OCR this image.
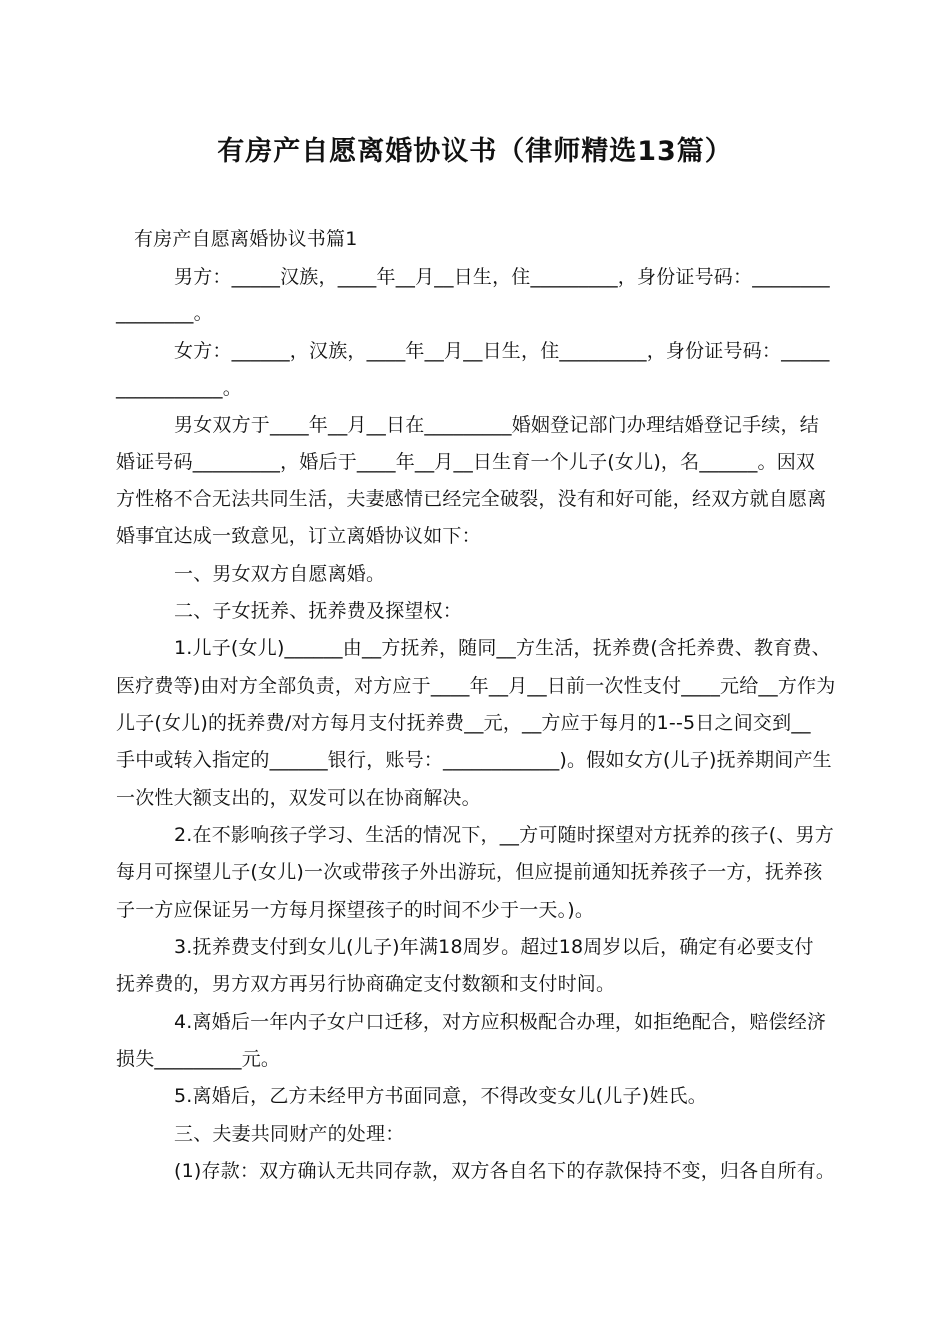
有房产自愿离婚协议书（律师精选13篇）
有房产自愿离婚协议书篇1
男方：_____汉族，____年__月__日生，住_________，身份证号码：________
________。
女方：______，汉族，____年__月__日生，住_________，身份证号码：_____
___________。
男女双方于____年__月__日在_________婚姻登记部门办理结婚登记手续，结
婚证号码_________，婚后于____年__月__日生育一个儿子(女儿)，名______。因双
方性格不合无法共同生活，夫妻感情已经完全破裂，没有和好可能，经双方就自愿离
婚事宜达成一致意见，订立离婚协议如下：
一、男女双方自愿离婚。
二、子女抚养、抚养费及探望权：
1.儿子(女儿)______由__方抚养，随同__方生活，抚养费(含托养费、教育费、
医疗费等)由对方全部负责，对方应于____年__月__日前一次性支付____元给__方作为
儿子(女儿)的抚养费/对方每月支付抚养费__元，__方应于每月的1--5日之间交到__
手中或转入指定的______银行，账号：____________)。假如女方(儿子)抚养期间产生
一次性大额支出的，双发可以在协商解决。
2.在不影响孩子学习、生活的情况下，__方可随时探望对方抚养的孩子(、男方
每月可探望儿子(女儿)一次或带孩子外出游玩，但应提前通知抚养孩子一方，抚养孩
子一方应保证另一方每月探望孩子的时间不少于一天。)。
3.抚养费支付到女儿(儿子)年满18周岁。超过18周岁以后，确定有必要支付
抚养费的，男方双方再另行协商确定支付数额和支付时间。
4.离婚后一年内子女户口迁移，对方应积极配合办理，如拒绝配合，赔偿经济
损失_________元。
5.离婚后，乙方未经甲方书面同意，不得改变女儿(儿子)姓氏。
三、夫妻共同财产的处理：
(1)存款：双方确认无共同存款，双方各自名下的存款保持不变，归各自所有。
